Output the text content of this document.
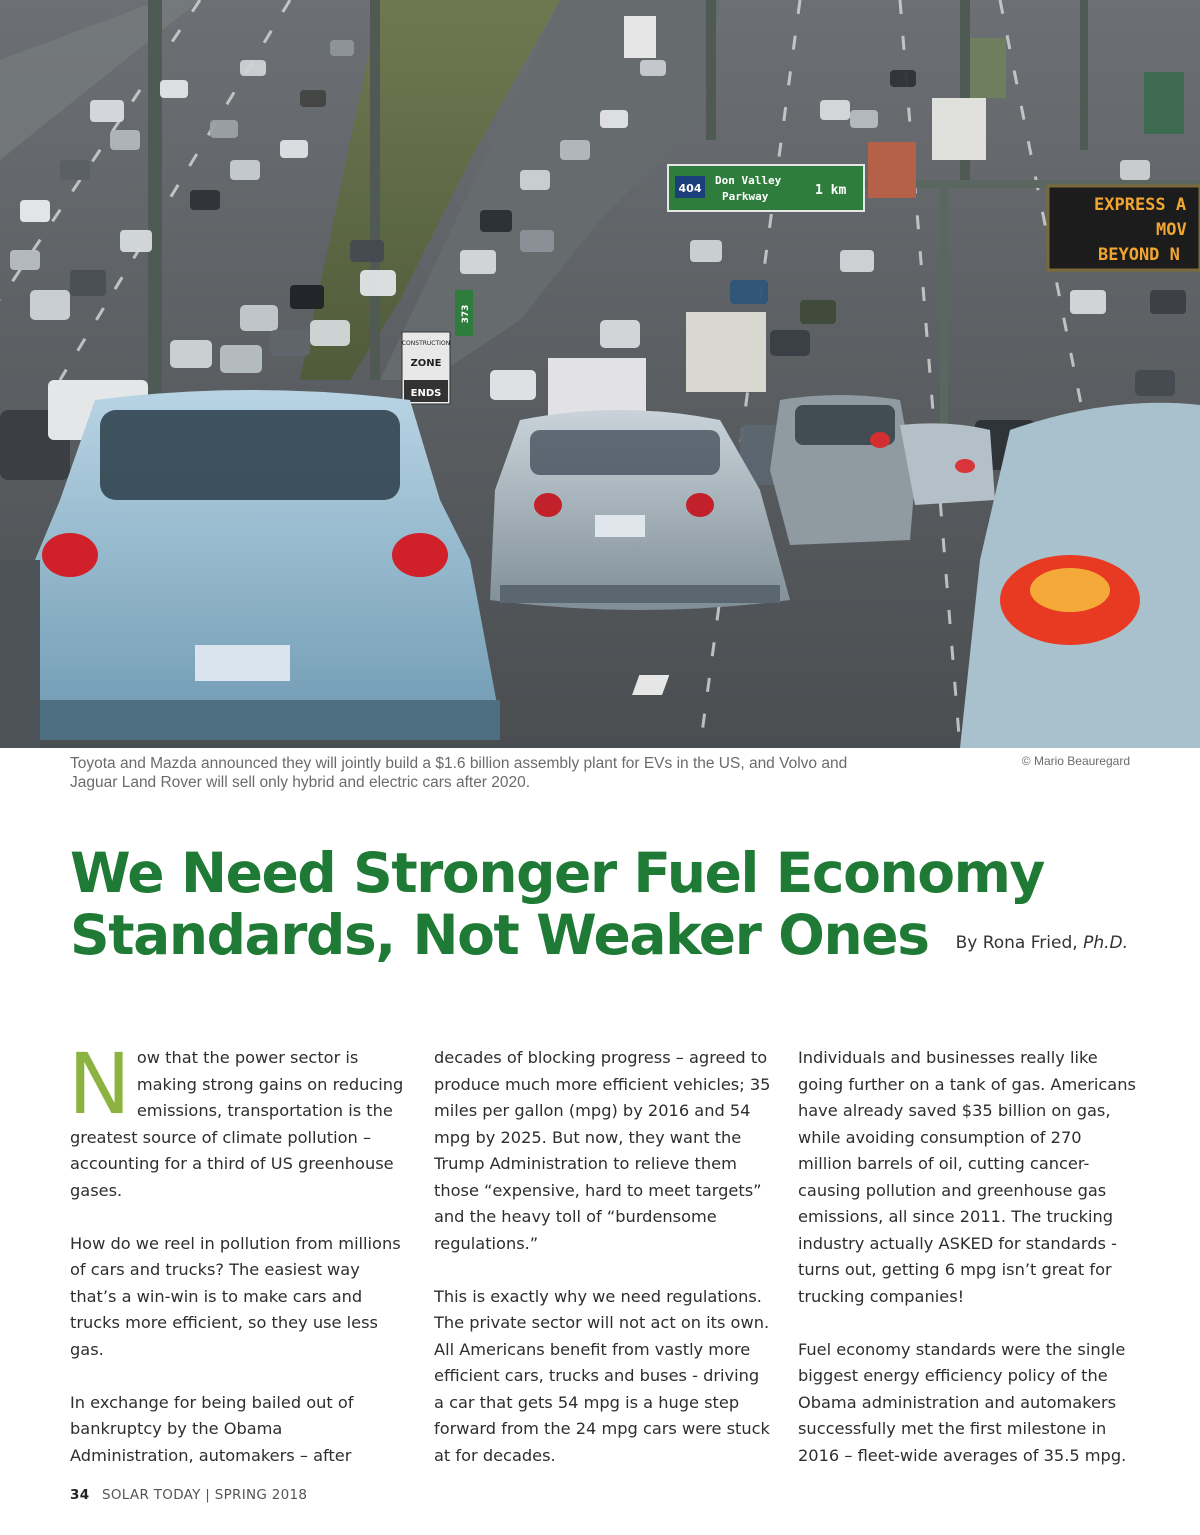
404
Don Valley
Parkway	1 km
EXPRESS A
MOV
BEYOND N
CONSTRUCTION
ZONE
ENDS
373
Toyota and Mazda announced they will jointly build a $1.6 billion assembly plant for EVs in the US, and Volvo and Jaguar Land Rover will sell only hybrid and electric cars after 2020.
© Mario Beauregard
We Need Stronger Fuel Economy
Standards, Not Weaker Ones	By Rona Fried, Ph.D.

Now that the power sector is making strong gains on reducing emissions, transportation is the greatest source of climate pollution – accounting for a third of US greenhouse gases.

How do we reel in pollution from millions of cars and trucks? The easiest way that’s a win-win is to make cars and trucks more efficient, so they use less gas.

In exchange for being bailed out of bankruptcy by the Obama Administration, automakers – after

decades of blocking progress – agreed to produce much more efficient vehicles; 35 miles per gallon (mpg) by 2016 and 54 mpg by 2025. But now, they want the Trump Administration to relieve them those “expensive, hard to meet targets” and the heavy toll of “burdensome regulations.”

This is exactly why we need regulations. The private sector will not act on its own. All Americans benefit from vastly more efficient cars, trucks and buses - driving a car that gets 54 mpg is a huge step forward from the 24 mpg cars were stuck at for decades.

Individuals and businesses really like going further on a tank of gas. Americans have already saved $35 billion on gas, while avoiding consumption of 270 million barrels of oil, cutting cancer-causing pollution and greenhouse gas emissions, all since 2011. The trucking industry actually ASKED for standards - turns out, getting 6 mpg isn’t great for trucking companies!

Fuel economy standards were the single biggest energy efficiency policy of the Obama administration and automakers successfully met the first milestone in 2016 – fleet-wide averages of 35.5 mpg.

34 SOLAR TODAY | SPRING 2018
